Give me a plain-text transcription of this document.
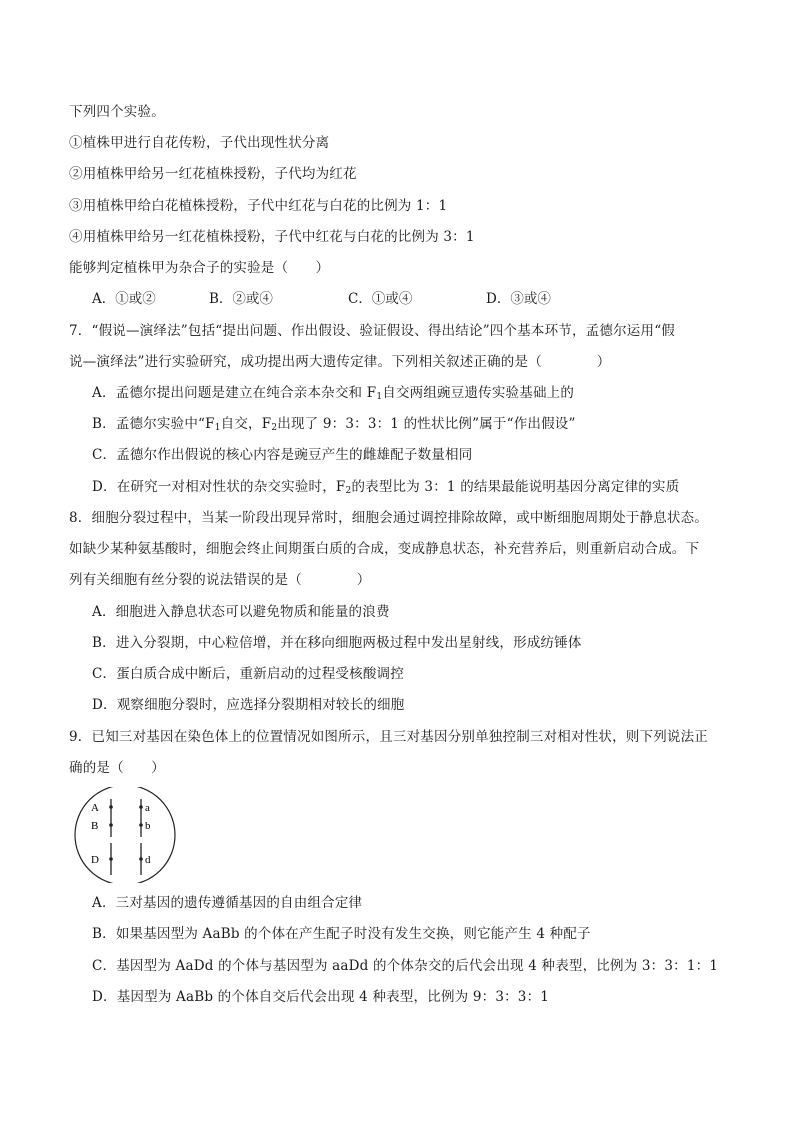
下列四个实验。
①植株甲进行自花传粉，子代出现性状分离
②用植株甲给另一红花植株授粉，子代均为红花
③用植株甲给白花植株授粉，子代中红花与白花的比例为 1：1
④用植株甲给另一红花植株授粉，子代中红花与白花的比例为 3：1
能够判定植株甲为杂合子的实验是（　　）
A．①或②	B．②或④	C．①或④	D．③或④
7．“假说—演绎法”包括“提出问题、作出假设、验证假设、得出结论”四个基本环节，孟德尔运用“假
说—演绎法”进行实验研究，成功提出两大遗传定律。下列相关叙述正确的是（　　　　）
A．孟德尔提出问题是建立在纯合亲本杂交和 $F_1$自交两组豌豆遗传实验基础上的
B．孟德尔实验中“$F_1$自交，$F_2$出现了 9：3：3：1 的性状比例”属于“作出假设”
C．孟德尔作出假说的核心内容是豌豆产生的雌雄配子数量相同
D．在研究一对相对性状的杂交实验时，$F_2$的表型比为 3：1 的结果最能说明基因分离定律的实质
8．细胞分裂过程中，当某一阶段出现异常时，细胞会通过调控排除故障，或中断细胞周期处于静息状态。
如缺少某种氨基酸时，细胞会终止间期蛋白质的合成，变成静息状态，补充营养后，则重新启动合成。下
列有关细胞有丝分裂的说法错误的是（　　　　）
A．细胞进入静息状态可以避免物质和能量的浪费
B．进入分裂期，中心粒倍增，并在移向细胞两极过程中发出星射线，形成纺锤体
C．蛋白质合成中断后，重新启动的过程受核酸调控
D．观察细胞分裂时，应选择分裂期相对较长的细胞
9．已知三对基因在染色体上的位置情况如图所示，且三对基因分别单独控制三对相对性状，则下列说法正
确的是（　　）
A
B
D
a
b
d
A．三对基因的遗传遵循基因的自由组合定律
B．如果基因型为 AaBb 的个体在产生配子时没有发生交换，则它能产生 4 种配子
C．基因型为 AaDd 的个体与基因型为 aaDd 的个体杂交的后代会出现 4 种表型，比例为 3：3：1：1
D．基因型为 AaBb 的个体自交后代会出现 4 种表型，比例为 9：3：3：1
